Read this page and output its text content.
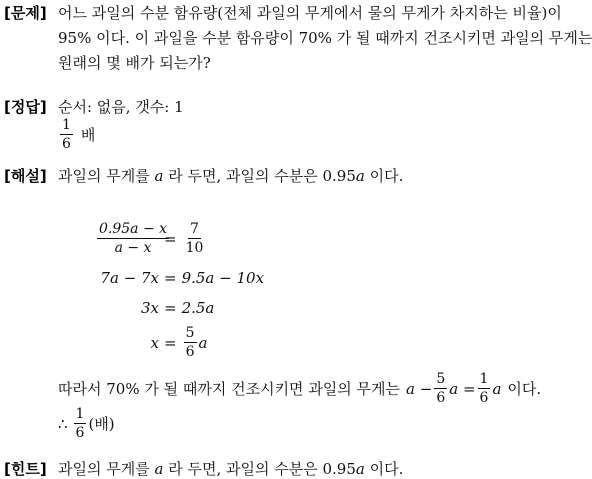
[문제] 어느 과일의 수분 함유량(전체 과일의 무게에서 물의 무게가 차지하는 비율)이
95% 이다. 이 과일을 수분 함유량이 70% 가 될 때까지 건조시키면 과일의 무게는
원래의 몇 배가 되는가?
[정답] 순서: 없음, 갯수: 1
$\frac{1}{6}$ 배
[해설] 과일의 무게를 a 라 두면, 과일의 수분은 0.95a 이다.
$\frac{0.95a - x}{a - x}$
= $\frac{7}{10}$
7a − 7x = 9.5a − 10x
3x = 2.5a
$x = \frac{5}{6}$ a
따라서 70% 가 될 때까지 건조시키면 과일의 무게는 $a - \frac{5}{6}$ $a = \frac{1}{6}$ a 이다.
∴ $\frac{1}{6}$ (배)
[힌트] 과일의 무게를 a 라 두면, 과일의 수분은 0.95a 이다.
